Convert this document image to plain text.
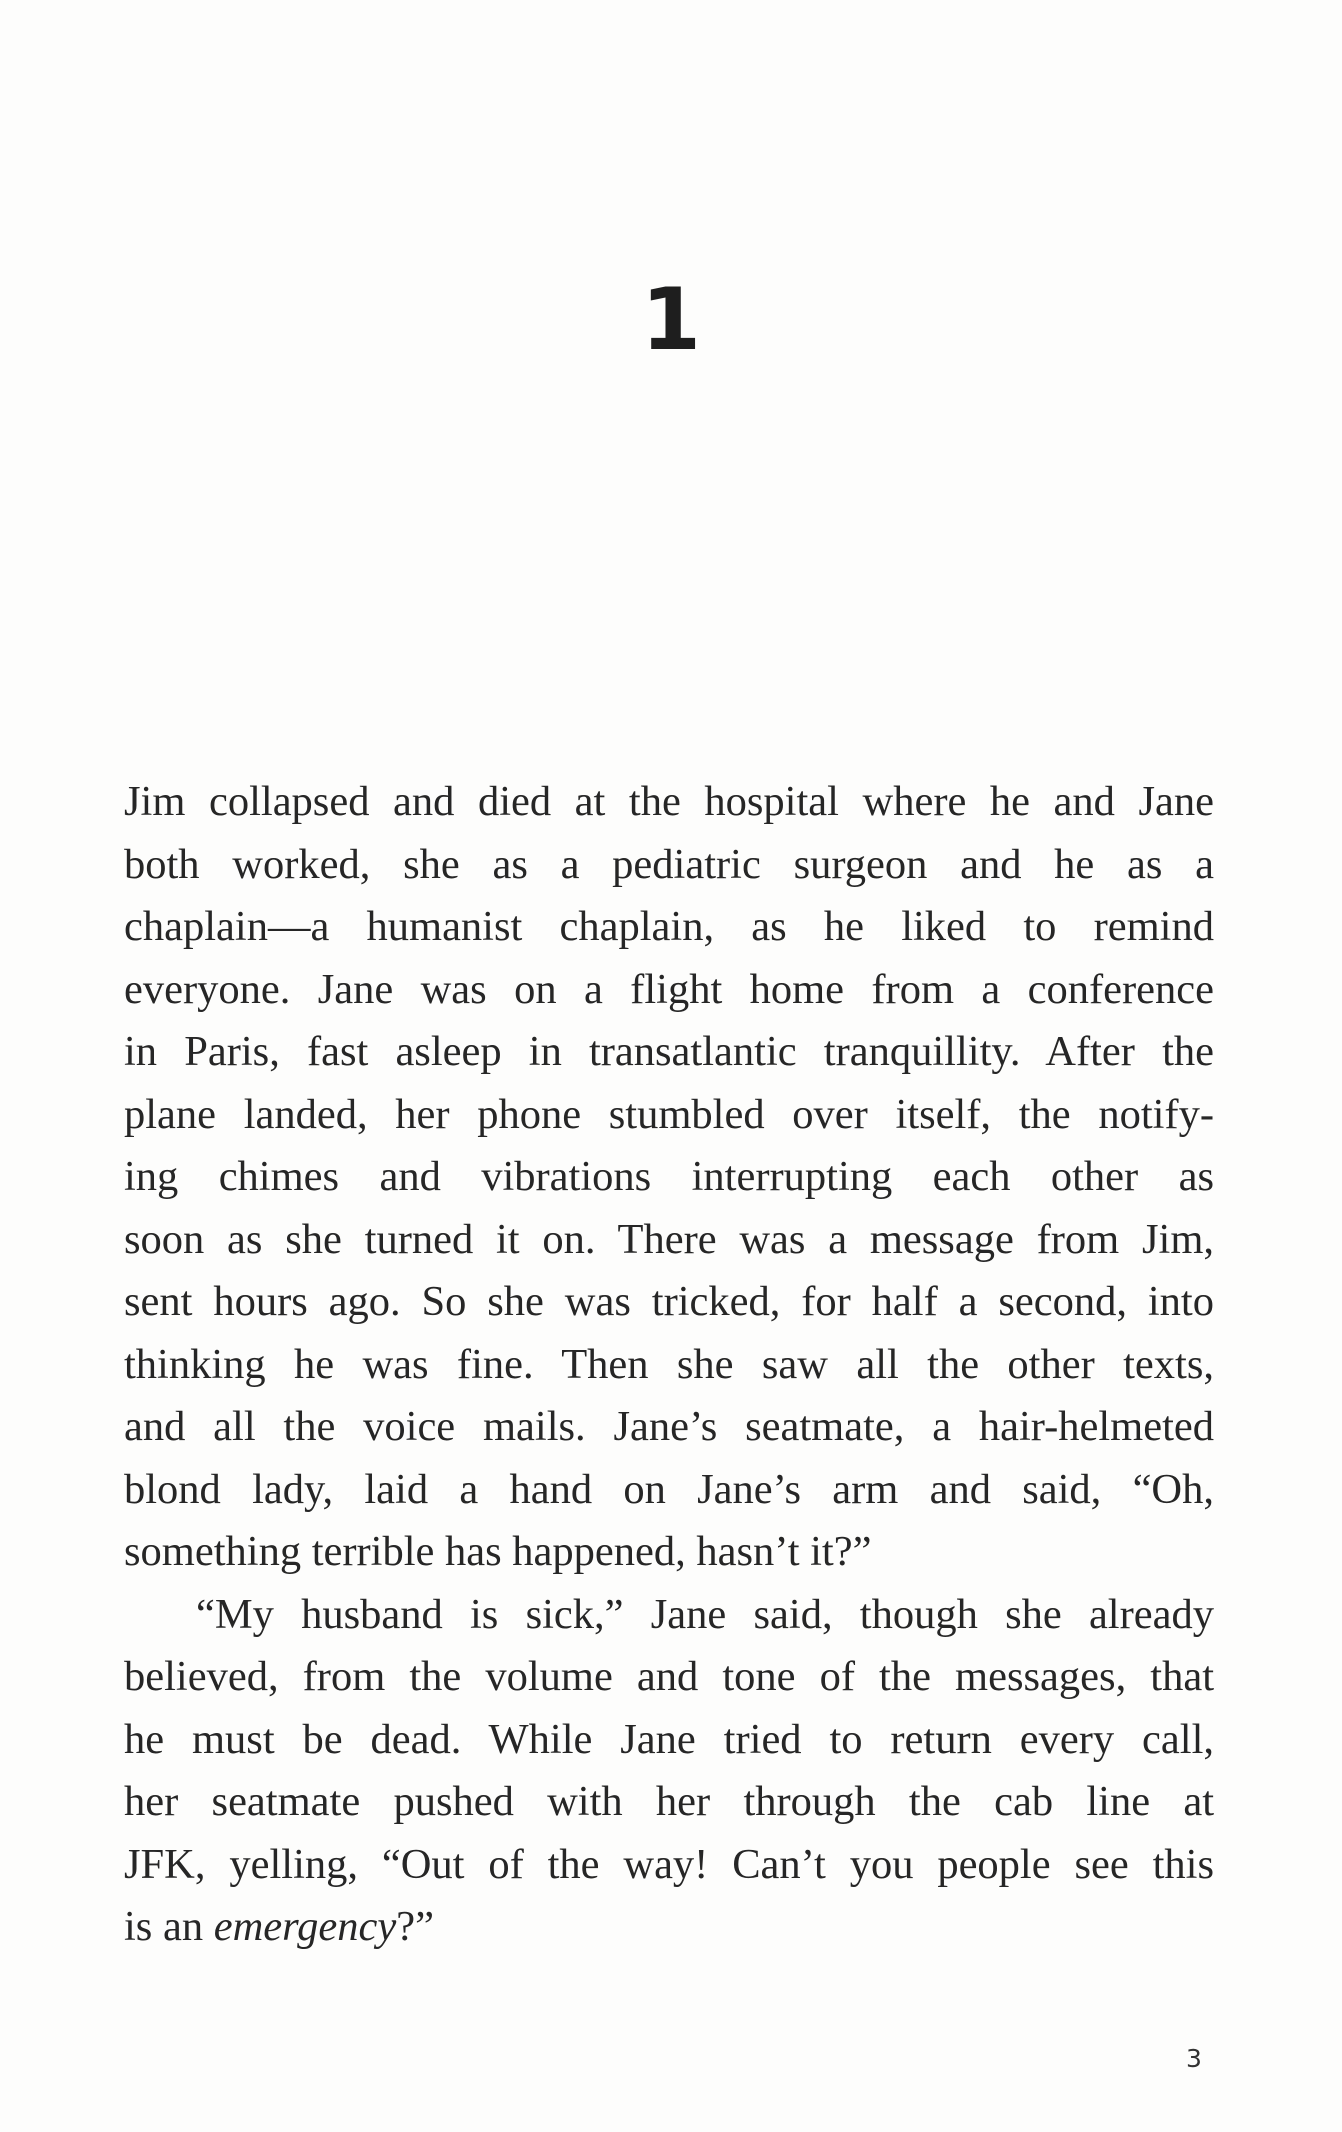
1
Jim collapsed and died at the hospital where he and Jane
both worked, she as a pediatric surgeon and he as a
chaplain—a humanist chaplain, as he liked to remind
everyone. Jane was on a flight home from a conference
in Paris, fast asleep in transatlantic tranquillity. After the
plane landed, her phone stumbled over itself, the notify-
ing chimes and vibrations interrupting each other as
soon as she turned it on. There was a message from Jim,
sent hours ago. So she was tricked, for half a second, into
thinking he was fine. Then she saw all the other texts,
and all the voice mails. Jane’s seatmate, a hair-helmeted
blond lady, laid a hand on Jane’s arm and said, “Oh,
something terrible has happened, hasn’t it?”
“My husband is sick,” Jane said, though she already
believed, from the volume and tone of the messages, that
he must be dead. While Jane tried to return every call,
her seatmate pushed with her through the cab line at
JFK, yelling, “Out of the way! Can’t you people see this
is an emergency?”
3
